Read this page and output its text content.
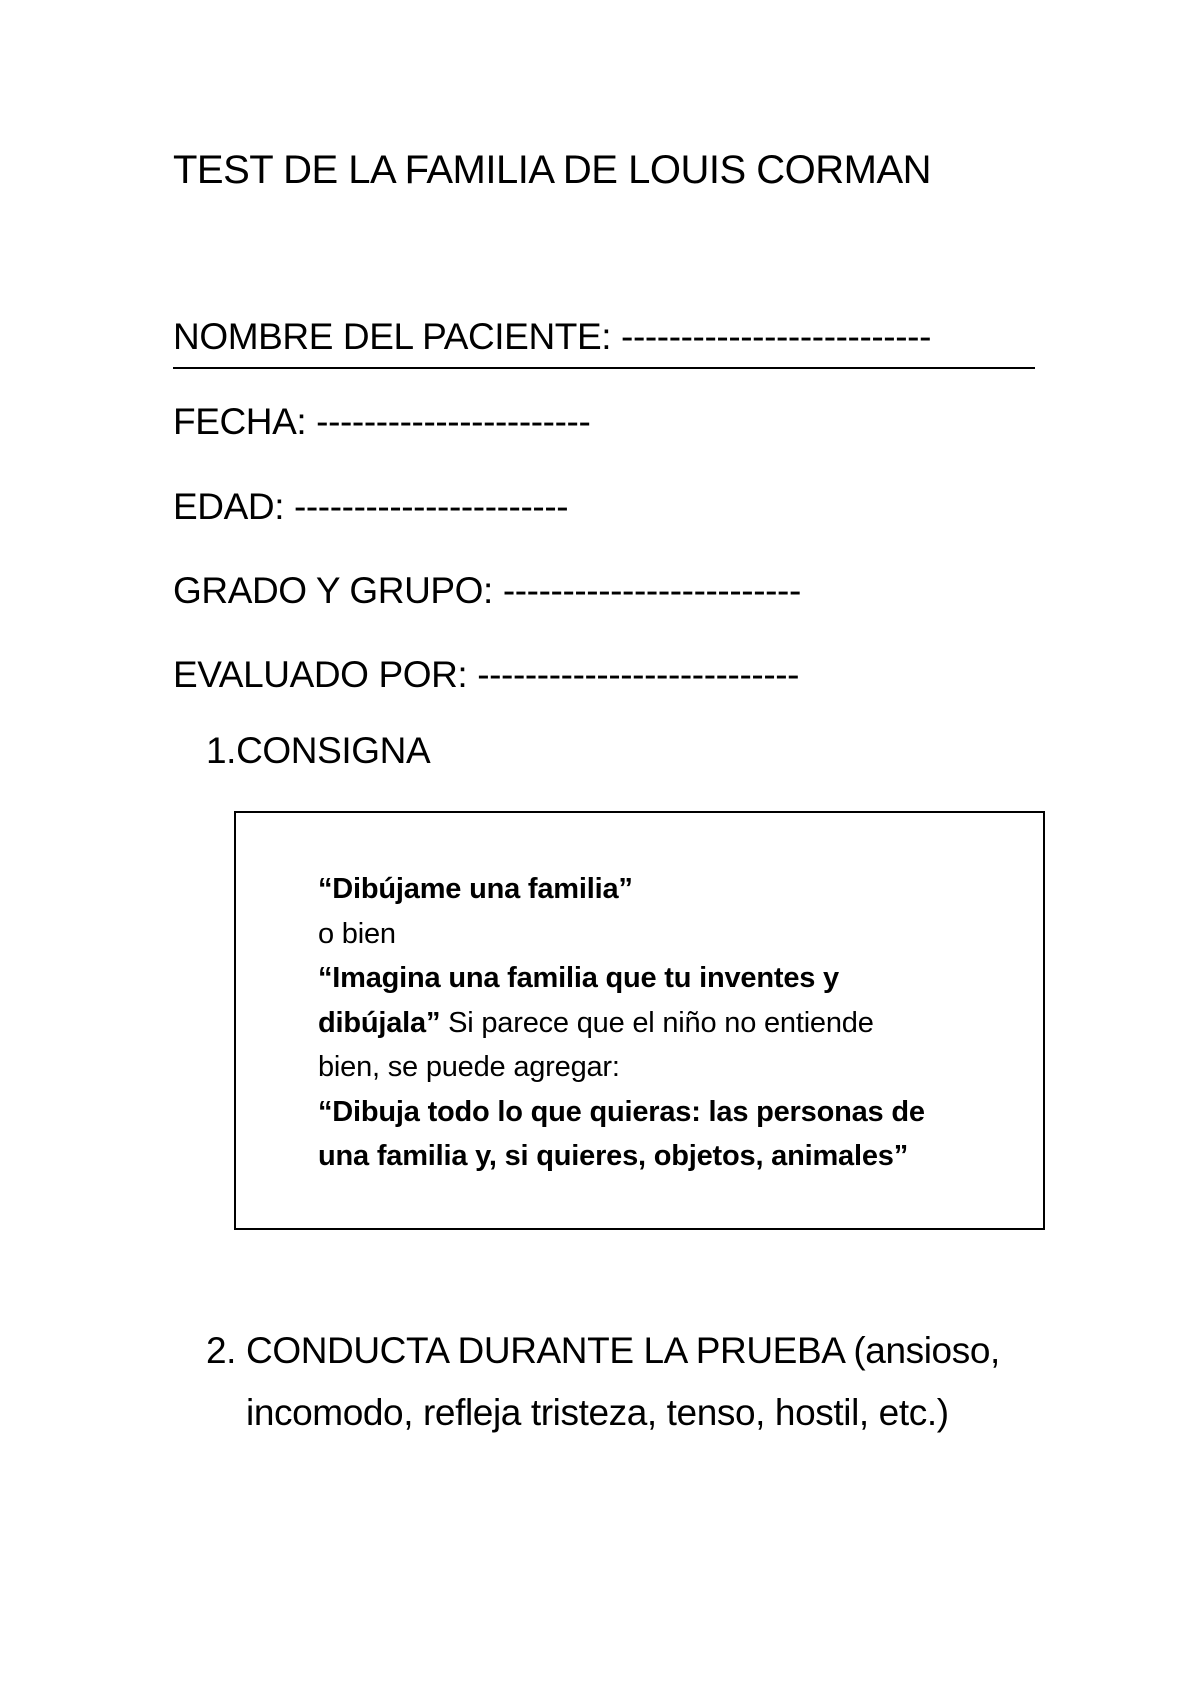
TEST DE LA FAMILIA DE LOUIS CORMAN
NOMBRE DEL PACIENTE: --------------------------
FECHA: -----------------------
EDAD: -----------------------
GRADO Y GRUPO: -------------------------
EVALUADO POR: ---------------------------
1.CONSIGNA
“Dibújame una familia”
o bien
“Imagina una familia que tu inventes y
dibújala” Si parece que el niño no entiende
bien, se puede agregar:
“Dibuja todo lo que quieras: las personas de
una familia y, si quieres, objetos, animales”
2. CONDUCTA DURANTE LA PRUEBA (ansioso, incomodo, refleja tristeza, tenso, hostil, etc.)
